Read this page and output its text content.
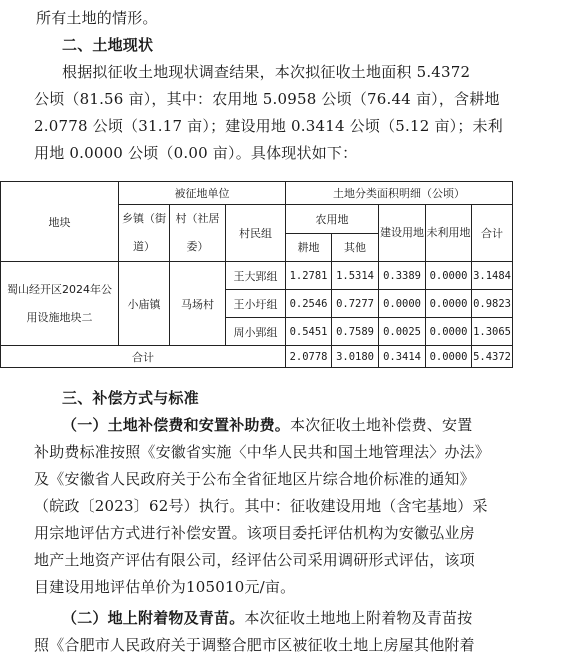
所有土地的情形。
二、土地现状
根据拟征收土地现状调查结果，本次拟征收土地面积 5.4372
公顷（81.56 亩），其中：农用地 5.0958 公顷（76.44 亩），含耕地
2.0778 公顷（31.17 亩）；建设用地 0.3414 公顷（5.12 亩）；未利
用地 0.0000 公顷（0.00 亩）。具体现状如下：
地块	被征地单位			土地分类面积明细（公顷）				
	乡镇（街道）	村（社居委）	村民组	农用地		建设用地	未利用地	合计
				耕地	其他			
蜀山经开区2024年公用设施地块二	小庙镇	马场村	王大郢组	1.2781	1.5314	0.3389	0.0000	3.1484
			王小圩组	0.2546	0.7277	0.0000	0.0000	0.9823
			周小郢组	0.5451	0.7589	0.0025	0.0000	1.3065
合计				2.0778	3.0180	0.3414	0.0000	5.4372
三、补偿方式与标准
（一）土地补偿费和安置补助费。本次征收土地补偿费、安置
补助费标准按照《安徽省实施〈中华人民共和国土地管理法〉办法》
及《安徽省人民政府关于公布全省征地区片综合地价标准的通知》
（皖政〔2023〕62号）执行。其中：征收建设用地（含宅基地）采
用宗地评估方式进行补偿安置。该项目委托评估机构为安徽弘业房
地产土地资产评估有限公司，经评估公司采用调研形式评估，该项
目建设用地评估单价为105010元/亩。
（二）地上附着物及青苗。本次征收土地地上附着物及青苗按
照《合肥市人民政府关于调整合肥市区被征收土地上房屋其他附着
